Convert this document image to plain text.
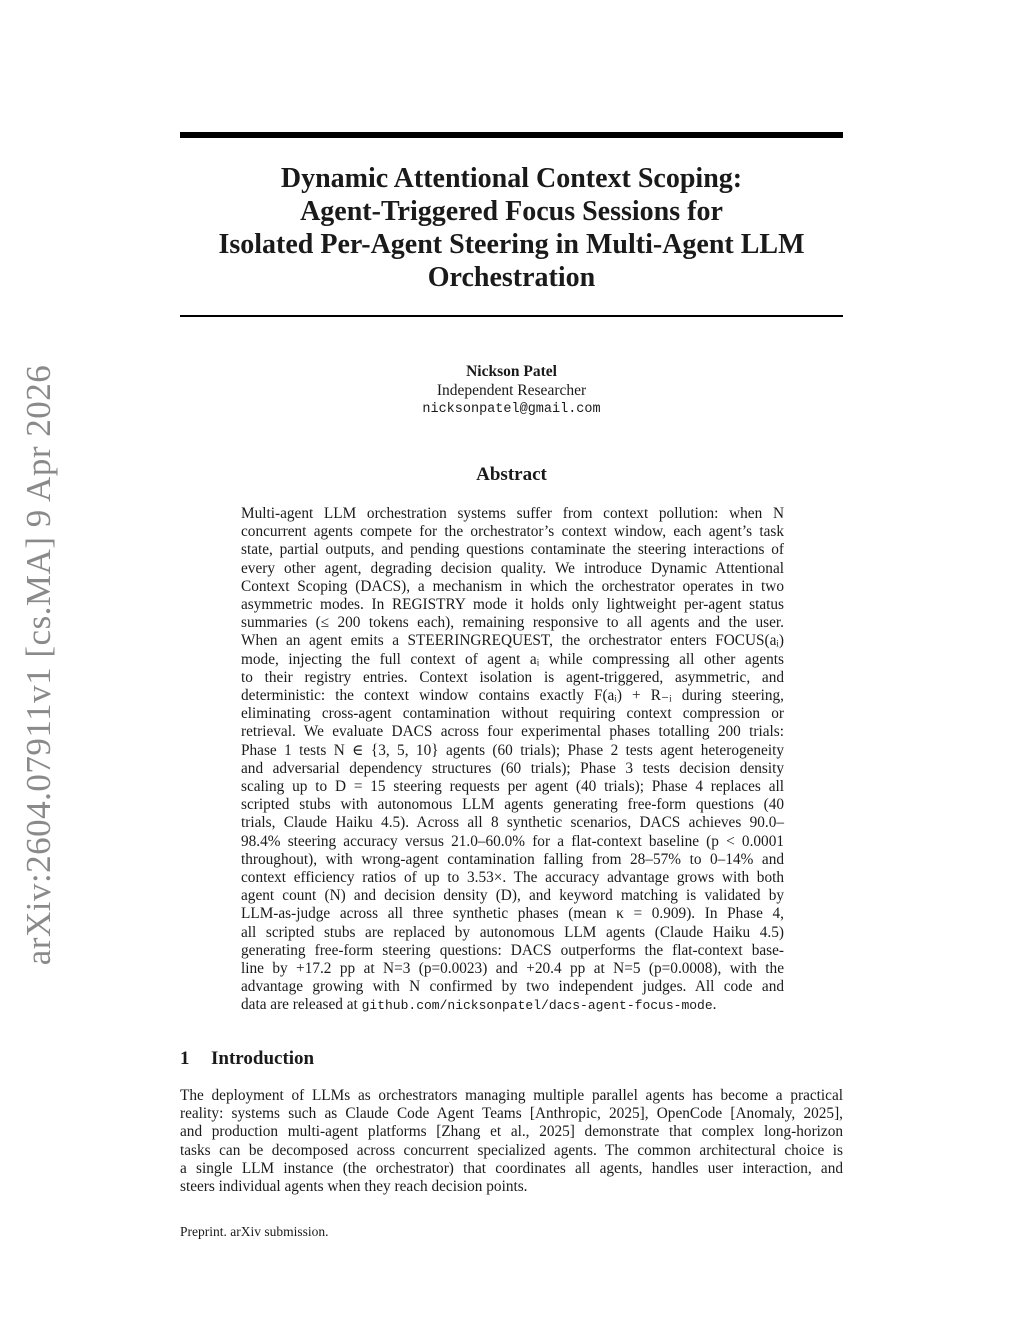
arXiv:2604.07911v1 [cs.MA] 9 Apr 2026
Dynamic Attentional Context Scoping:
Agent-Triggered Focus Sessions for
Isolated Per-Agent Steering in Multi-Agent LLM
Orchestration
Nickson Patel
Independent Researcher
nicksonpatel@gmail.com
Abstract
Multi-agent LLM orchestration systems suffer from context pollution: when N
concurrent agents compete for the orchestrator’s context window, each agent’s task
state, partial outputs, and pending questions contaminate the steering interactions of
every other agent, degrading decision quality. We introduce Dynamic Attentional
Context Scoping (DACS), a mechanism in which the orchestrator operates in two
asymmetric modes. In REGISTRY mode it holds only lightweight per-agent status
summaries (≤ 200 tokens each), remaining responsive to all agents and the user.
When an agent emits a STEERINGREQUEST, the orchestrator enters FOCUS(aᵢ)
mode, injecting the full context of agent aᵢ while compressing all other agents
to their registry entries. Context isolation is agent-triggered, asymmetric, and
deterministic: the context window contains exactly F(aᵢ) + R₋ᵢ during steering,
eliminating cross-agent contamination without requiring context compression or
retrieval. We evaluate DACS across four experimental phases totalling 200 trials:
Phase 1 tests N ∈ {3, 5, 10} agents (60 trials); Phase 2 tests agent heterogeneity
and adversarial dependency structures (60 trials); Phase 3 tests decision density
scaling up to D = 15 steering requests per agent (40 trials); Phase 4 replaces all
scripted stubs with autonomous LLM agents generating free-form questions (40
trials, Claude Haiku 4.5). Across all 8 synthetic scenarios, DACS achieves 90.0–
98.4% steering accuracy versus 21.0–60.0% for a flat-context baseline (p < 0.0001
throughout), with wrong-agent contamination falling from 28–57% to 0–14% and
context efficiency ratios of up to 3.53×. The accuracy advantage grows with both
agent count (N) and decision density (D), and keyword matching is validated by
LLM-as-judge across all three synthetic phases (mean κ = 0.909). In Phase 4,
all scripted stubs are replaced by autonomous LLM agents (Claude Haiku 4.5)
generating free-form steering questions: DACS outperforms the flat-context base-
line by +17.2 pp at N=3 (p=0.0023) and +20.4 pp at N=5 (p=0.0008), with the
advantage growing with N confirmed by two independent judges. All code and
data are released at github.com/nicksonpatel/dacs-agent-focus-mode.
1 Introduction
The deployment of LLMs as orchestrators managing multiple parallel agents has become a practical
reality: systems such as Claude Code Agent Teams [Anthropic, 2025], OpenCode [Anomaly, 2025],
and production multi-agent platforms [Zhang et al., 2025] demonstrate that complex long-horizon
tasks can be decomposed across concurrent specialized agents. The common architectural choice is
a single LLM instance (the orchestrator) that coordinates all agents, handles user interaction, and
steers individual agents when they reach decision points.
Preprint. arXiv submission.
